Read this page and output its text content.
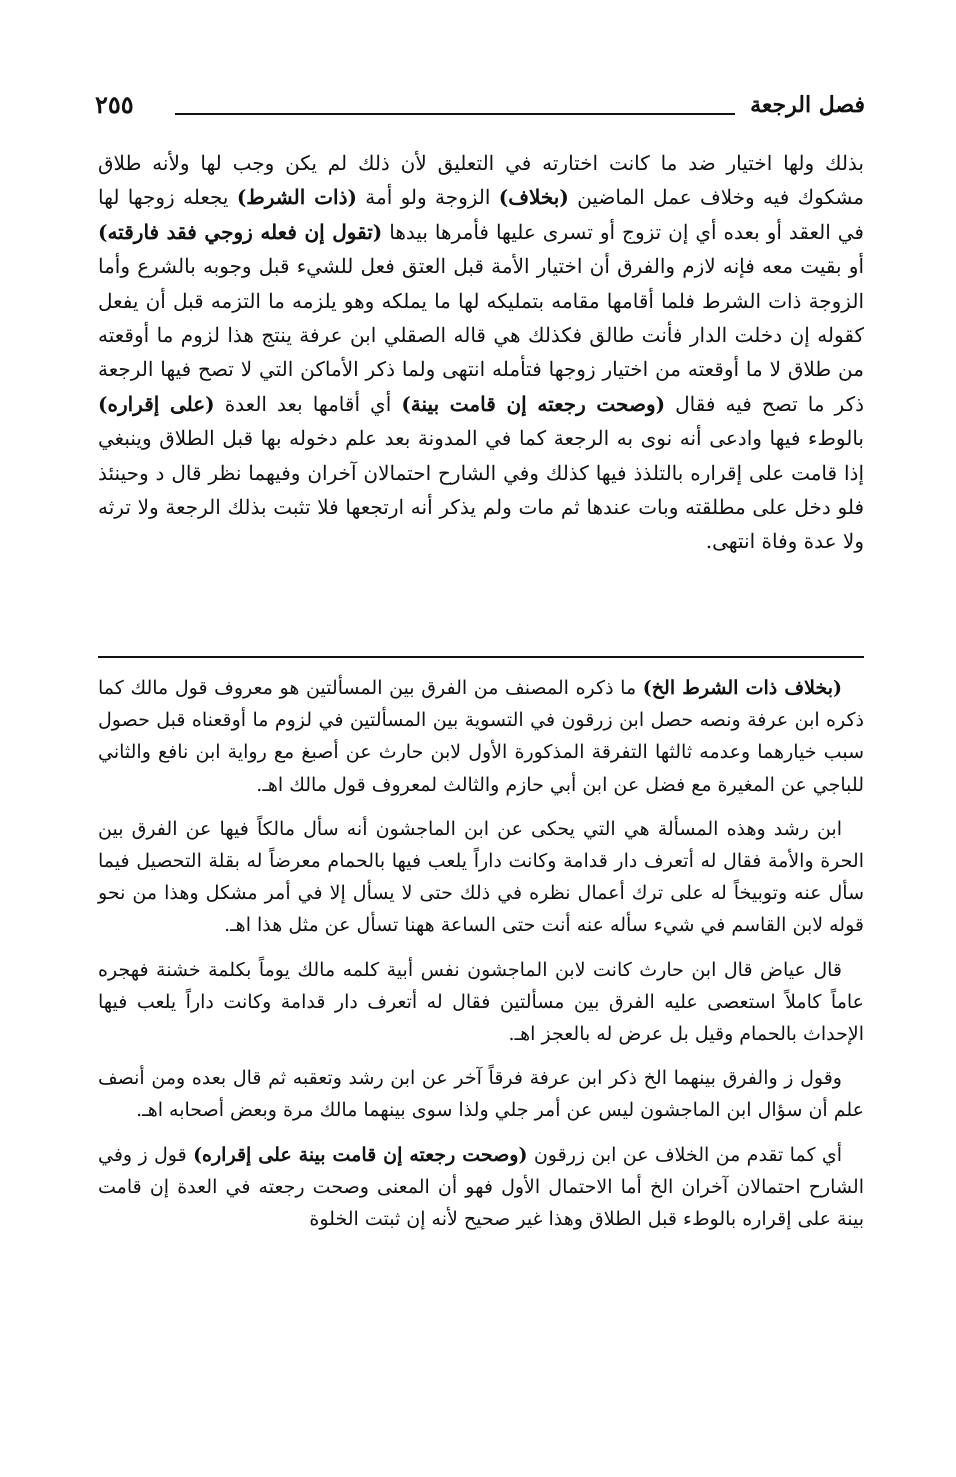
فصل الرجعة
٢٥٥

بذلك ولها اختيار ضد ما كانت اختارته في التعليق لأن ذلك لم يكن وجب لها ولأنه طلاق مشكوك فيه وخلاف عمل الماضين (بخلاف) الزوجة ولو أمة (ذات الشرط) يجعله زوجها لها في العقد أو بعده أي إن تزوج أو تسرى عليها فأمرها بيدها (تقول إن فعله زوجي فقد فارقته) أو بقيت معه فإنه لازم والفرق أن اختيار الأمة قبل العتق فعل للشيء قبل وجوبه بالشرع وأما الزوجة ذات الشرط فلما أقامها مقامه بتمليكه لها ما يملكه وهو يلزمه ما التزمه قبل أن يفعل كقوله إن دخلت الدار فأنت طالق فكذلك هي قاله الصقلي ابن عرفة ينتج هذا لزوم ما أوقعته من طلاق لا ما أوقعته من اختيار زوجها فتأمله انتهى ولما ذكر الأماكن التي لا تصح فيها الرجعة ذكر ما تصح فيه فقال (وصحت رجعته إن قامت بينة) أي أقامها بعد العدة (على إقراره) بالوطء فيها وادعى أنه نوى به الرجعة كما في المدونة بعد علم دخوله بها قبل الطلاق وينبغي إذا قامت على إقراره بالتلذذ فيها كذلك وفي الشارح احتمالان آخران وفيهما نظر قال د وحينئذ فلو دخل على مطلقته وبات عندها ثم مات ولم يذكر أنه ارتجعها فلا تثبت بذلك الرجعة ولا ترثه ولا عدة وفاة انتهى.

(بخلاف ذات الشرط الخ) ما ذكره المصنف من الفرق بين المسألتين هو معروف قول مالك كما ذكره ابن عرفة ونصه حصل ابن زرقون في التسوية بين المسألتين في لزوم ما أوقعناه قبل حصول سبب خيارهما وعدمه ثالثها التفرقة المذكورة الأول لابن حارث عن أصبغ مع رواية ابن نافع والثاني للباجي عن المغيرة مع فضل عن ابن أبي حازم والثالث لمعروف قول مالك اهـ.

ابن رشد وهذه المسألة هي التي يحكى عن ابن الماجشون أنه سأل مالكاً فيها عن الفرق بين الحرة والأمة فقال له أتعرف دار قدامة وكانت داراً يلعب فيها بالحمام معرضاً له بقلة التحصيل فيما سأل عنه وتوبيخاً له على ترك أعمال نظره في ذلك حتى لا يسأل إلا في أمر مشكل وهذا من نحو قوله لابن القاسم في شيء سأله عنه أنت حتى الساعة ههنا تسأل عن مثل هذا اهـ.

قال عياض قال ابن حارث كانت لابن الماجشون نفس أبية كلمه مالك يوماً بكلمة خشنة فهجره عاماً كاملاً استعصى عليه الفرق بين مسألتين فقال له أتعرف دار قدامة وكانت داراً يلعب فيها الإحداث بالحمام وقيل بل عرض له بالعجز اهـ.

وقول ز والفرق بينهما الخ ذكر ابن عرفة فرقاً آخر عن ابن رشد وتعقبه ثم قال بعده ومن أنصف علم أن سؤال ابن الماجشون ليس عن أمر جلي ولذا سوى بينهما مالك مرة وبعض أصحابه اهـ.

أي كما تقدم من الخلاف عن ابن زرقون (وصحت رجعته إن قامت بينة على إقراره) قول ز وفي الشارح احتمالان آخران الخ أما الاحتمال الأول فهو أن المعنى وصحت رجعته في العدة إن قامت بينة على إقراره بالوطء قبل الطلاق وهذا غير صحيح لأنه إن ثبتت الخلوة
